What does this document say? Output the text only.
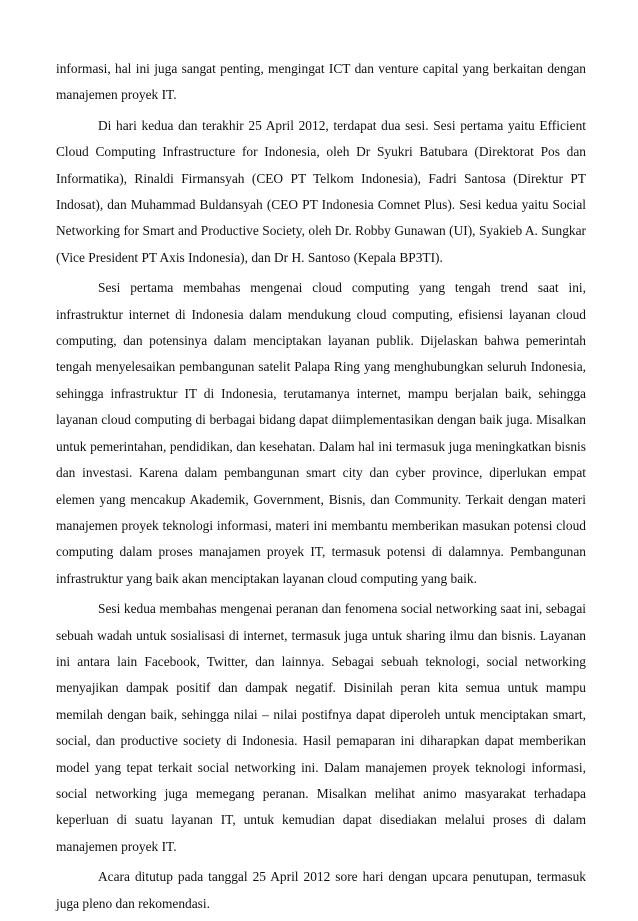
informasi, hal ini juga sangat penting, mengingat ICT dan venture capital yang berkaitan dengan manajemen proyek IT.

Di hari kedua dan terakhir 25 April 2012, terdapat dua sesi. Sesi pertama yaitu Efficient Cloud Computing Infrastructure for Indonesia, oleh Dr Syukri Batubara (Direktorat Pos dan Informatika), Rinaldi Firmansyah (CEO PT Telkom Indonesia), Fadri Santosa (Direktur PT Indosat), dan Muhammad Buldansyah (CEO PT Indonesia Comnet Plus). Sesi kedua yaitu Social Networking for Smart and Productive Society, oleh Dr. Robby Gunawan (UI), Syakieb A. Sungkar (Vice President PT Axis Indonesia), dan Dr H. Santoso (Kepala BP3TI).

Sesi pertama membahas mengenai cloud computing yang tengah trend saat ini, infrastruktur internet di Indonesia dalam mendukung cloud computing, efisiensi layanan cloud computing, dan potensinya dalam menciptakan layanan publik. Dijelaskan bahwa pemerintah tengah menyelesaikan pembangunan satelit Palapa Ring yang menghubungkan seluruh Indonesia, sehingga infrastruktur IT di Indonesia, terutamanya internet, mampu berjalan baik, sehingga layanan cloud computing di berbagai bidang dapat diimplementasikan dengan baik juga. Misalkan untuk pemerintahan, pendidikan, dan kesehatan. Dalam hal ini termasuk juga meningkatkan bisnis dan investasi. Karena dalam pembangunan smart city dan cyber province, diperlukan empat elemen yang mencakup Akademik, Government, Bisnis, dan Community. Terkait dengan materi manajemen proyek teknologi informasi, materi ini membantu memberikan masukan potensi cloud computing dalam proses manajamen proyek IT, termasuk potensi di dalamnya. Pembangunan infrastruktur yang baik akan menciptakan layanan cloud computing yang baik.

Sesi kedua membahas mengenai peranan dan fenomena social networking saat ini, sebagai sebuah wadah untuk sosialisasi di internet, termasuk juga untuk sharing ilmu dan bisnis. Layanan ini antara lain Facebook, Twitter, dan lainnya. Sebagai sebuah teknologi, social networking menyajikan dampak positif dan dampak negatif. Disinilah peran kita semua untuk mampu memilah dengan baik, sehingga nilai – nilai postifnya dapat diperoleh untuk menciptakan smart, social, dan productive society di Indonesia. Hasil pemaparan ini diharapkan dapat memberikan model yang tepat terkait social networking ini. Dalam manajemen proyek teknologi informasi, social networking juga memegang peranan. Misalkan melihat animo masyarakat terhadapa keperluan di suatu layanan IT, untuk kemudian dapat disediakan melalui proses di dalam manajemen proyek IT.

Acara ditutup pada tanggal 25 April 2012 sore hari dengan upcara penutupan, termasuk juga pleno dan rekomendasi.
